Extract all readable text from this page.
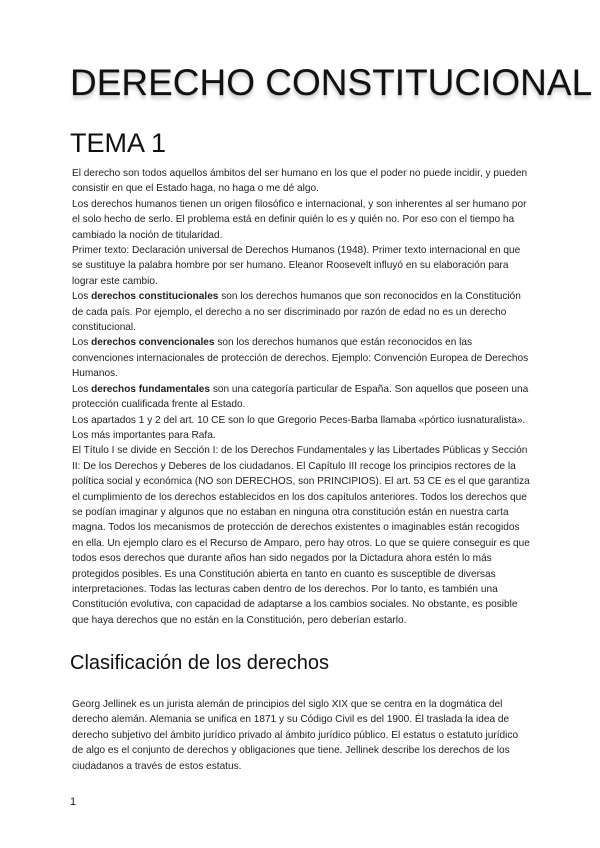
DERECHO CONSTITUCIONAL
TEMA 1

El derecho son todos aquellos ámbitos del ser humano en los que el poder no puede incidir, y pueden consistir en que el Estado haga, no haga o me dé algo.

Los derechos humanos tienen un origen filosófico e internacional, y son inherentes al ser humano por el solo hecho de serlo. El problema está en definir quién lo es y quién no. Por eso con el tiempo ha cambiado la noción de titularidad.

Primer texto: Declaración universal de Derechos Humanos (1948). Primer texto internacional en que se sustituye la palabra hombre por ser humano. Eleanor Roosevelt influyó en su elaboración para lograr este cambio.

Los derechos constitucionales son los derechos humanos que son reconocidos en la Constitución de cada país. Por ejemplo, el derecho a no ser discriminado por razón de edad no es un derecho constitucional.

Los derechos convencionales son los derechos humanos que están reconocidos en las convenciones internacionales de protección de derechos. Ejemplo: Convención Europea de Derechos Humanos.

Los derechos fundamentales son una categoría particular de España. Son aquellos que poseen una protección cualificada frente al Estado.

Los apartados 1 y 2 del art. 10 CE son lo que Gregorio Peces-Barba llamaba «pórtico iusnaturalista». Los más importantes para Rafa.

El Título I se divide en Sección I: de los Derechos Fundamentales y las Libertades Públicas y Sección II: De los Derechos y Deberes de los ciudadanos. El Capítulo III recoge los principios rectores de la política social y económica (NO son DERECHOS, son PRINCIPIOS). El art. 53 CE es el que garantiza el cumplimiento de los derechos establecidos en los dos capítulos anteriores. Todos los derechos que se podían imaginar y algunos que no estaban en ninguna otra constitución están en nuestra carta magna. Todos los mecanismos de protección de derechos existentes o imaginables están recogidos en ella. Un ejemplo claro es el Recurso de Amparo, pero hay otros. Lo que se quiere conseguir es que todos esos derechos que durante años han sido negados por la Dictadura ahora estén lo más protegidos posibles. Es una Constitución abierta en tanto en cuanto es susceptible de diversas interpretaciones. Todas las lecturas caben dentro de los derechos. Por lo tanto, es también una Constitución evolutiva, con capacidad de adaptarse a los cambios sociales. No obstante, es posible que haya derechos que no están en la Constitución, pero deberían estarlo.

Clasificación de los derechos

Georg Jellinek es un jurista alemán de principios del siglo XIX que se centra en la dogmática del derecho alemán. Alemania se unifica en 1871 y su Código Civil es del 1900. Él traslada la idea de derecho subjetivo del ámbito jurídico privado al ámbito jurídico público. El estatus o estatuto jurídico de algo es el conjunto de derechos y obligaciones que tiene. Jellinek describe los derechos de los ciudadanos a través de estos estatus.

1
